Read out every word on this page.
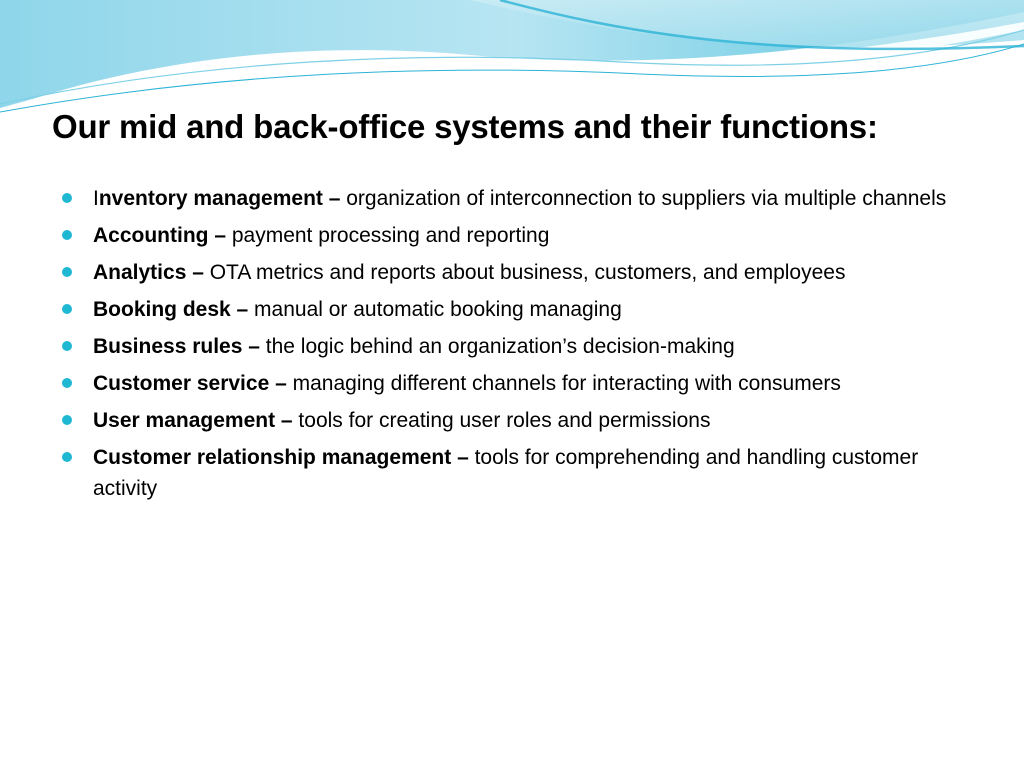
Our mid and back-office systems and their functions:
Inventory management – organization of interconnection to suppliers via multiple channels
Accounting – payment processing and reporting
Analytics – OTA metrics and reports about business, customers, and employees
Booking desk – manual or automatic booking managing
Business rules – the logic behind an organization’s decision-making
Customer service – managing different channels for interacting with consumers
User management – tools for creating user roles and permissions
Customer relationship management – tools for comprehending and handling customer activity
